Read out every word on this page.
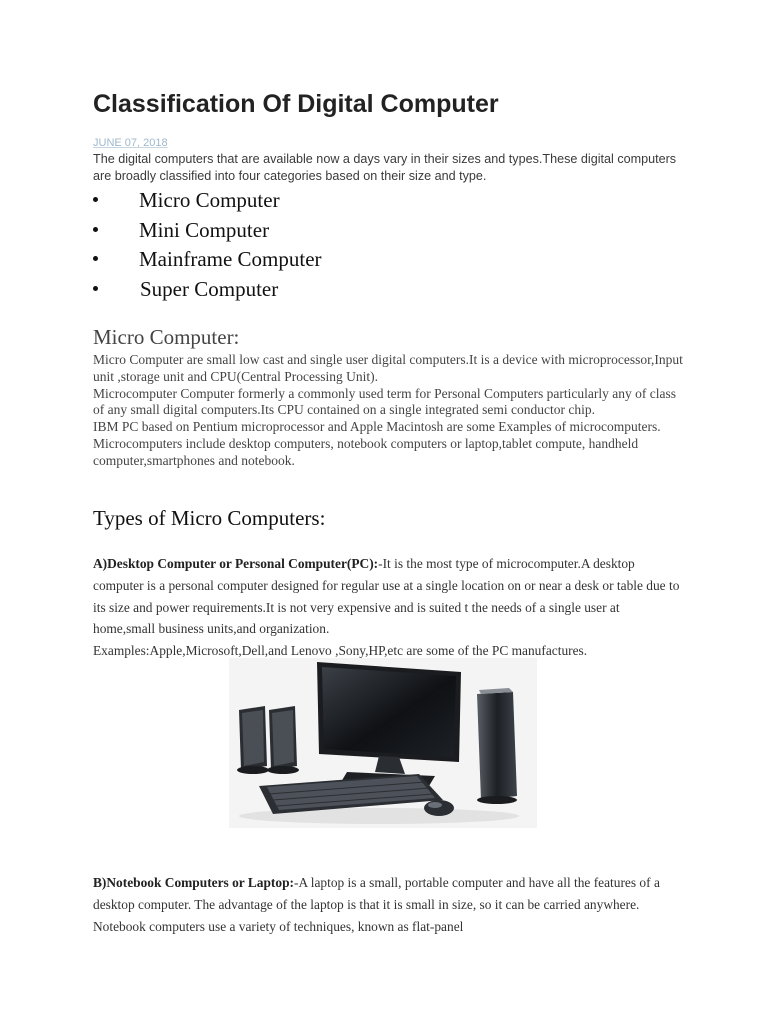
Classification Of Digital Computer
JUNE 07, 2018

The digital computers that are available now a days vary in their sizes and types.These digital computers are broadly classified into four categories based on their size and type.

Micro Computer
Mini Computer
Mainframe Computer
Super Computer
Micro Computer:

Micro Computer are small low cast and single user digital computers.It is a device with microprocessor,Input unit ,storage unit and CPU(Central Processing Unit).

Microcomputer Computer formerly a commonly used term for Personal Computers particularly any of class of any small digital computers.Its CPU contained on a single integrated semi conductor chip.

IBM PC based on Pentium microprocessor and Apple Macintosh are some Examples of microcomputers. Microcomputers include desktop computers, notebook computers or laptop,tablet compute, handheld computer,smartphones and notebook.

Types of Micro Computers:

A)Desktop Computer or Personal Computer(PC):-It is the most type of microcomputer.A desktop computer is a personal computer designed for regular use at a single location on or near a desk or table due to its size and power requirements.It is not very expensive and is suited t the needs of a single user at home,small business units,and organization.
Examples:Apple,Microsoft,Dell,and Lenovo ,Sony,HP,etc are some of the PC manufactures.

B)Notebook Computers or Laptop:-A laptop is a small, portable computer and have all the features of a desktop computer. The advantage of the laptop is that it is small in size, so it can be carried anywhere. Notebook computers use a variety of techniques, known as flat-panel
